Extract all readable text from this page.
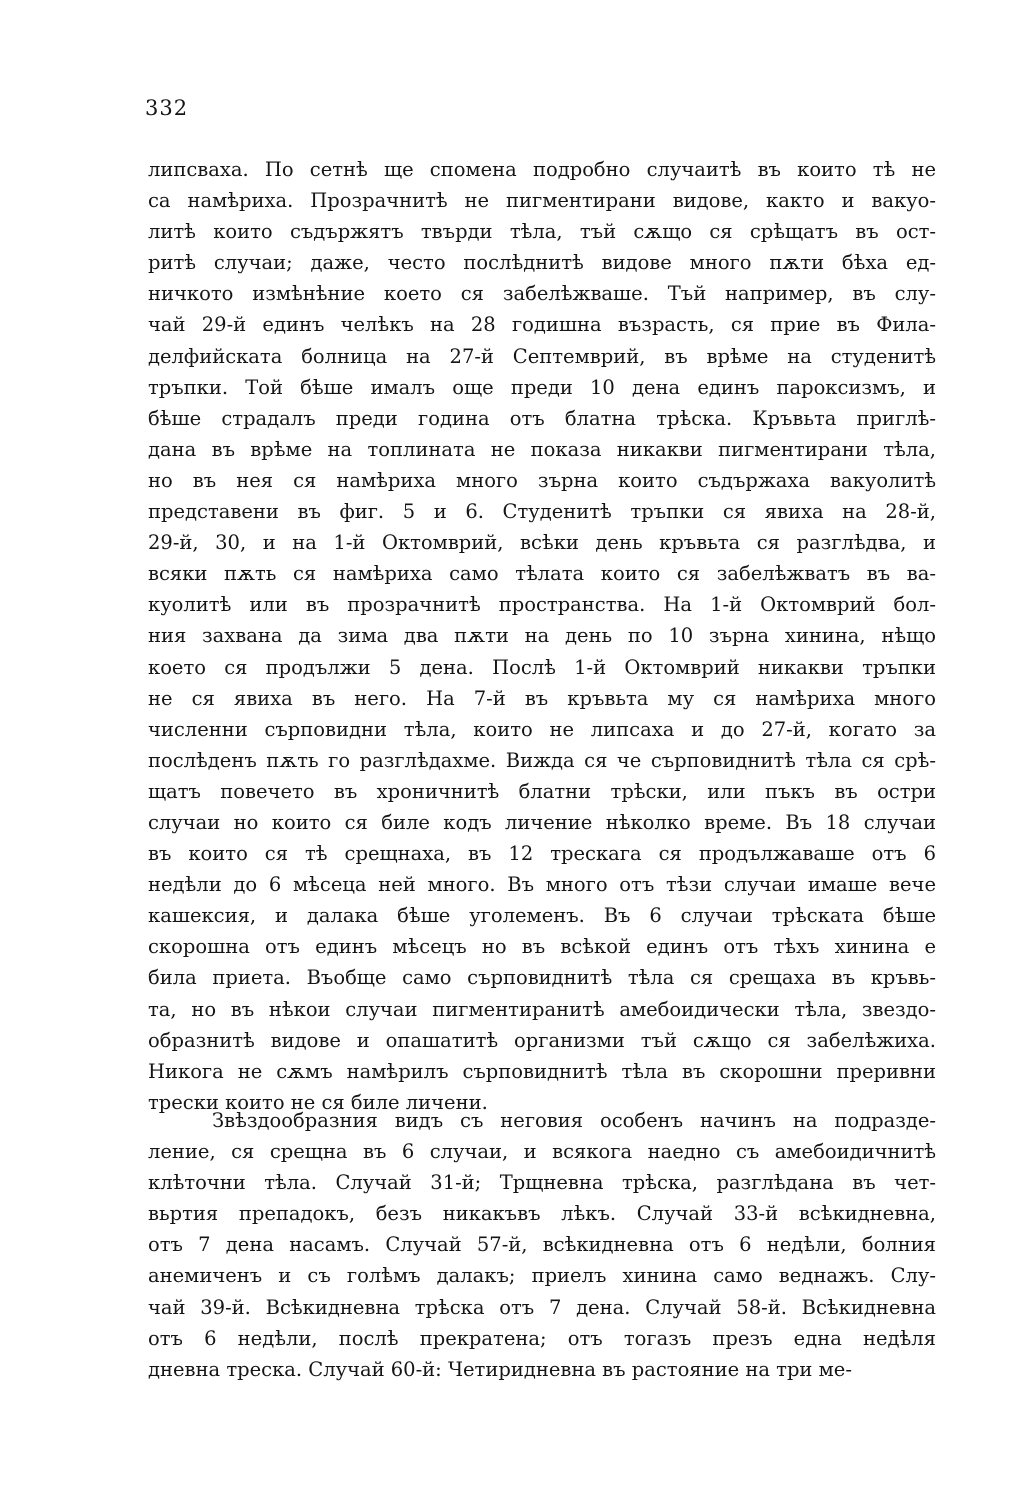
332
липсваха. По сетнѣ ще спомена подробно случаитѣ въ които тѣ не
са намѣриха. Прозрачнитѣ не пигментирани видове, както и вакуо-
литѣ които съдържятъ твърди тѣла, тъй сѫщо ся срѣщатъ въ ост-
ритѣ случаи; даже, често послѣднитѣ видове много пѫти бѣха ед-
ничкото измѣнѣние което ся забелѣжваше. Тъй например, въ слу-
чай 29-й единъ челѣкъ на 28 годишна възрасть, ся прие въ Фила-
делфийската болница на 27-й Септемврий, въ врѣме на студенитѣ
тръпки. Той бѣше ималъ още преди 10 дена единъ пароксизмъ, и
бѣше страдалъ преди година отъ блатна трѣска. Кръвьта приглѣ-
дана въ врѣме на топлината не показа никакви пигментирани тѣла,
но въ нея ся намѣриха много зърна които съдържаха вакуолитѣ
представени въ фиг. 5 и 6. Студенитѣ тръпки ся явиха на 28-й,
29-й, 30, и на 1-й Октомврий, всѣки день кръвьта ся разглѣдва, и
всяки пѫть ся намѣриха само тѣлата които ся забелѣжватъ въ ва-
куолитѣ или въ прозрачнитѣ пространства. На 1-й Октомврий бол-
ния захвана да зима два пѫти на день по 10 зърна хинина, нѣщо
което ся продължи 5 дена. Послѣ 1-й Октомврий никакви тръпки
не ся явиха въ него. На 7-й въ кръвьта му ся намѣриха много
численни сърповидни тѣла, които не липсаха и до 27-й, когато за
послѣденъ пѫть го разглѣдахме. Вижда ся че сърповиднитѣ тѣла ся срѣ-
щатъ повечето въ хроничнитѣ блатни трѣски, или пъкъ въ остри
случаи но които ся биле кодъ личение нѣколко време. Въ 18 случаи
въ които ся тѣ срещнаха, въ 12 трескага ся продължаваше отъ 6
недѣли до 6 мѣсеца ней много. Въ много отъ тѣзи случаи имаше вече
кашексия, и далака бѣше уголеменъ. Въ 6 случаи трѣската бѣше
скорошна отъ единъ мѣсецъ но въ всѣкой единъ отъ тѣхъ хинина е
била приета. Въобще само сърповиднитѣ тѣла ся срещаха въ кръвь-
та, но въ нѣкои случаи пигментиранитѣ амебоидически тѣла, звездо-
образнитѣ видове и опашатитѣ организми тъй сѫщо ся забелѣжиха.
Никога не сѫмъ намѣрилъ сърповиднитѣ тѣла въ скорошни преривни
трески които не ся биле личени.
Звѣздообразния видъ съ неговия особенъ начинъ на подразде-
ление, ся срещна въ 6 случаи, и всякога наедно съ амебоидичнитѣ
клѣточни тѣла. Случай 31-й; Трщневна трѣска, разглѣдана въ чет-
вьртия препадокъ, безъ никакъвъ лѣкъ. Случай 33-й всѣкидневна,
отъ 7 дена насамъ. Случай 57-й, всѣкидневна отъ 6 недѣли, болния
анемиченъ и съ голѣмъ далакъ; приелъ хинина само веднажъ. Слу-
чай 39-й. Всѣкидневна трѣска отъ 7 дена. Случай 58-й. Всѣкидневна
отъ 6 недѣли, послѣ прекратена; отъ тогазъ презъ една недѣля
дневна треска. Случай 60-й: Четиридневна въ растояние на три ме-
